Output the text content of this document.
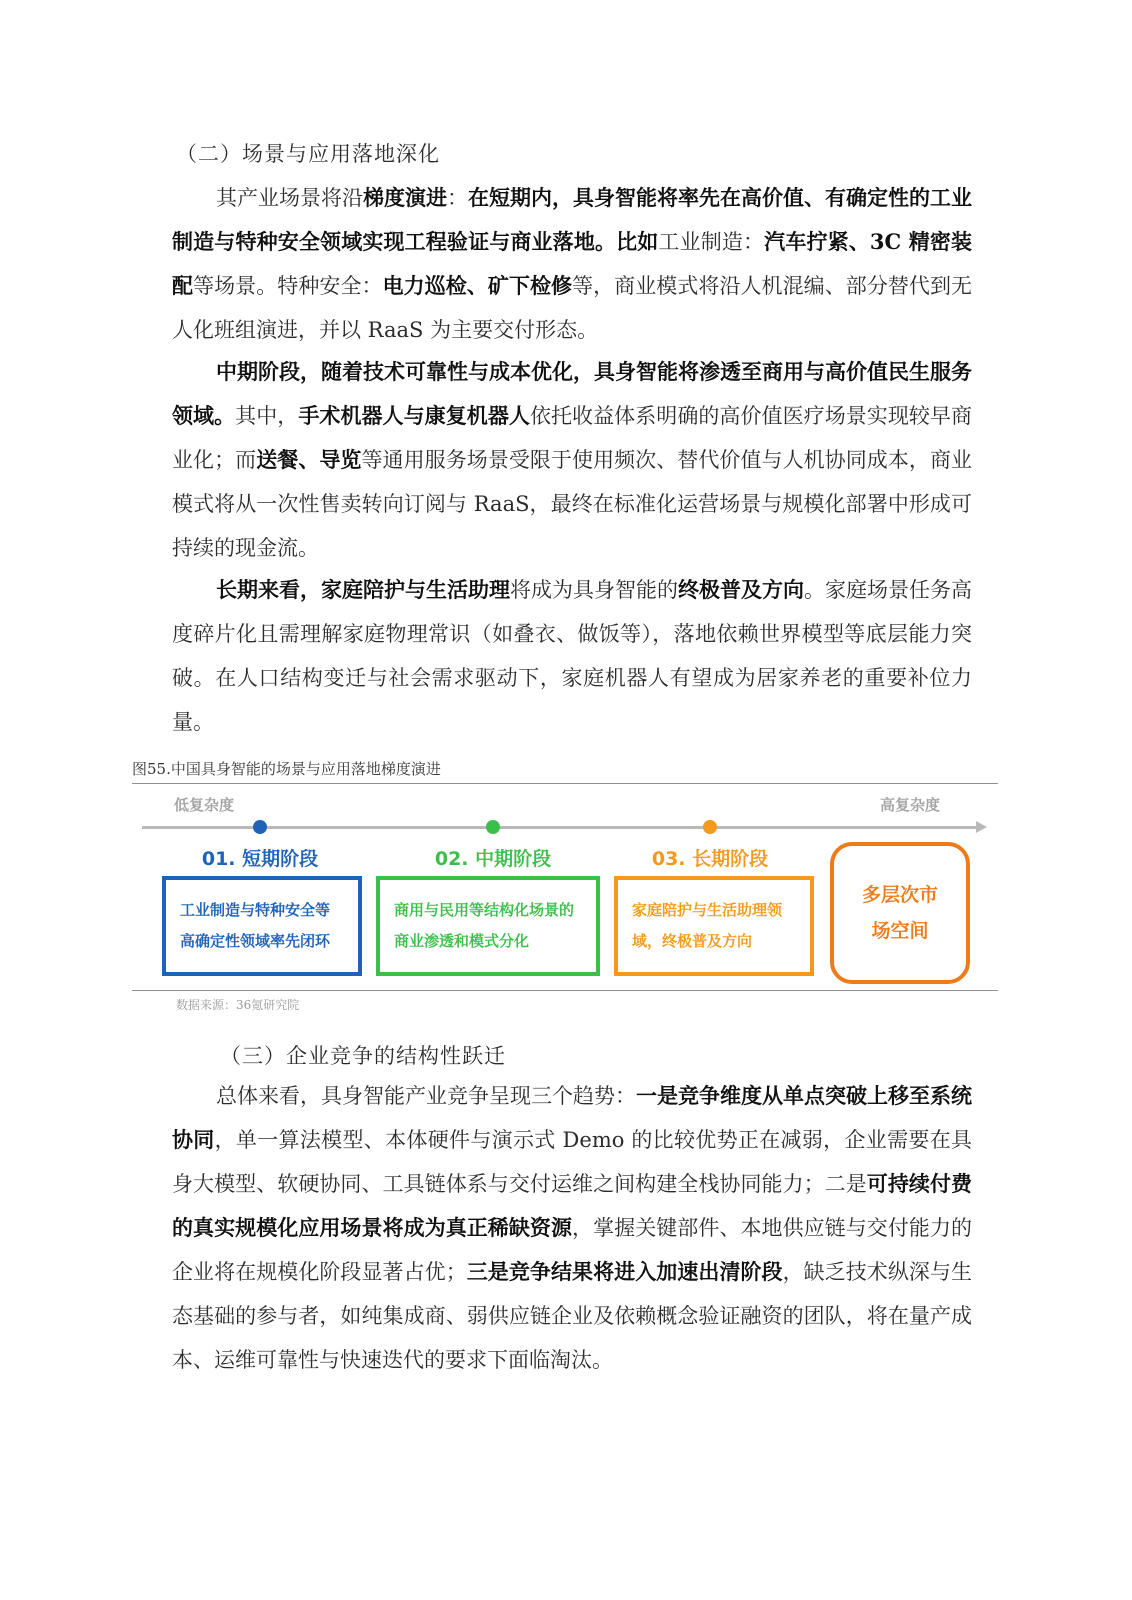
（二）场景与应用落地深化
其产业场景将沿梯度演进：在短期内，具身智能将率先在高价值、有确定性的工业制造与特种安全领域实现工程验证与商业落地。比如工业制造：汽车拧紧、3C 精密装配等场景。特种安全：电力巡检、矿下检修等，商业模式将沿人机混编、部分替代到无人化班组演进，并以 RaaS 为主要交付形态。
中期阶段，随着技术可靠性与成本优化，具身智能将渗透至商用与高价值民生服务领域。其中，手术机器人与康复机器人依托收益体系明确的高价值医疗场景实现较早商业化；而送餐、导览等通用服务场景受限于使用频次、替代价值与人机协同成本，商业模式将从一次性售卖转向订阅与 RaaS，最终在标准化运营场景与规模化部署中形成可持续的现金流。
长期来看，家庭陪护与生活助理将成为具身智能的终极普及方向。家庭场景任务高度碎片化且需理解家庭物理常识（如叠衣、做饭等），落地依赖世界模型等底层能力突破。在人口结构变迁与社会需求驱动下，家庭机器人有望成为居家养老的重要补位力量。
图55.中国具身智能的场景与应用落地梯度演进
低复杂度	高复杂度
01. 短期阶段	02. 中期阶段	03. 长期阶段
工业制造与特种安全等
高确定性领域率先闭环
商用与民用等结构化场景的
商业渗透和模式分化
家庭陪护与生活助理领
域，终极普及方向
多层次市
场空间
数据来源：36氪研究院
（三）企业竞争的结构性跃迁
总体来看，具身智能产业竞争呈现三个趋势：一是竞争维度从单点突破上移至系统协同，单一算法模型、本体硬件与演示式 Demo 的比较优势正在减弱，企业需要在具身大模型、软硬协同、工具链体系与交付运维之间构建全栈协同能力；二是可持续付费的真实规模化应用场景将成为真正稀缺资源，掌握关键部件、本地供应链与交付能力的企业将在规模化阶段显著占优；三是竞争结果将进入加速出清阶段，缺乏技术纵深与生态基础的参与者，如纯集成商、弱供应链企业及依赖概念验证融资的团队，将在量产成本、运维可靠性与快速迭代的要求下面临淘汰。
